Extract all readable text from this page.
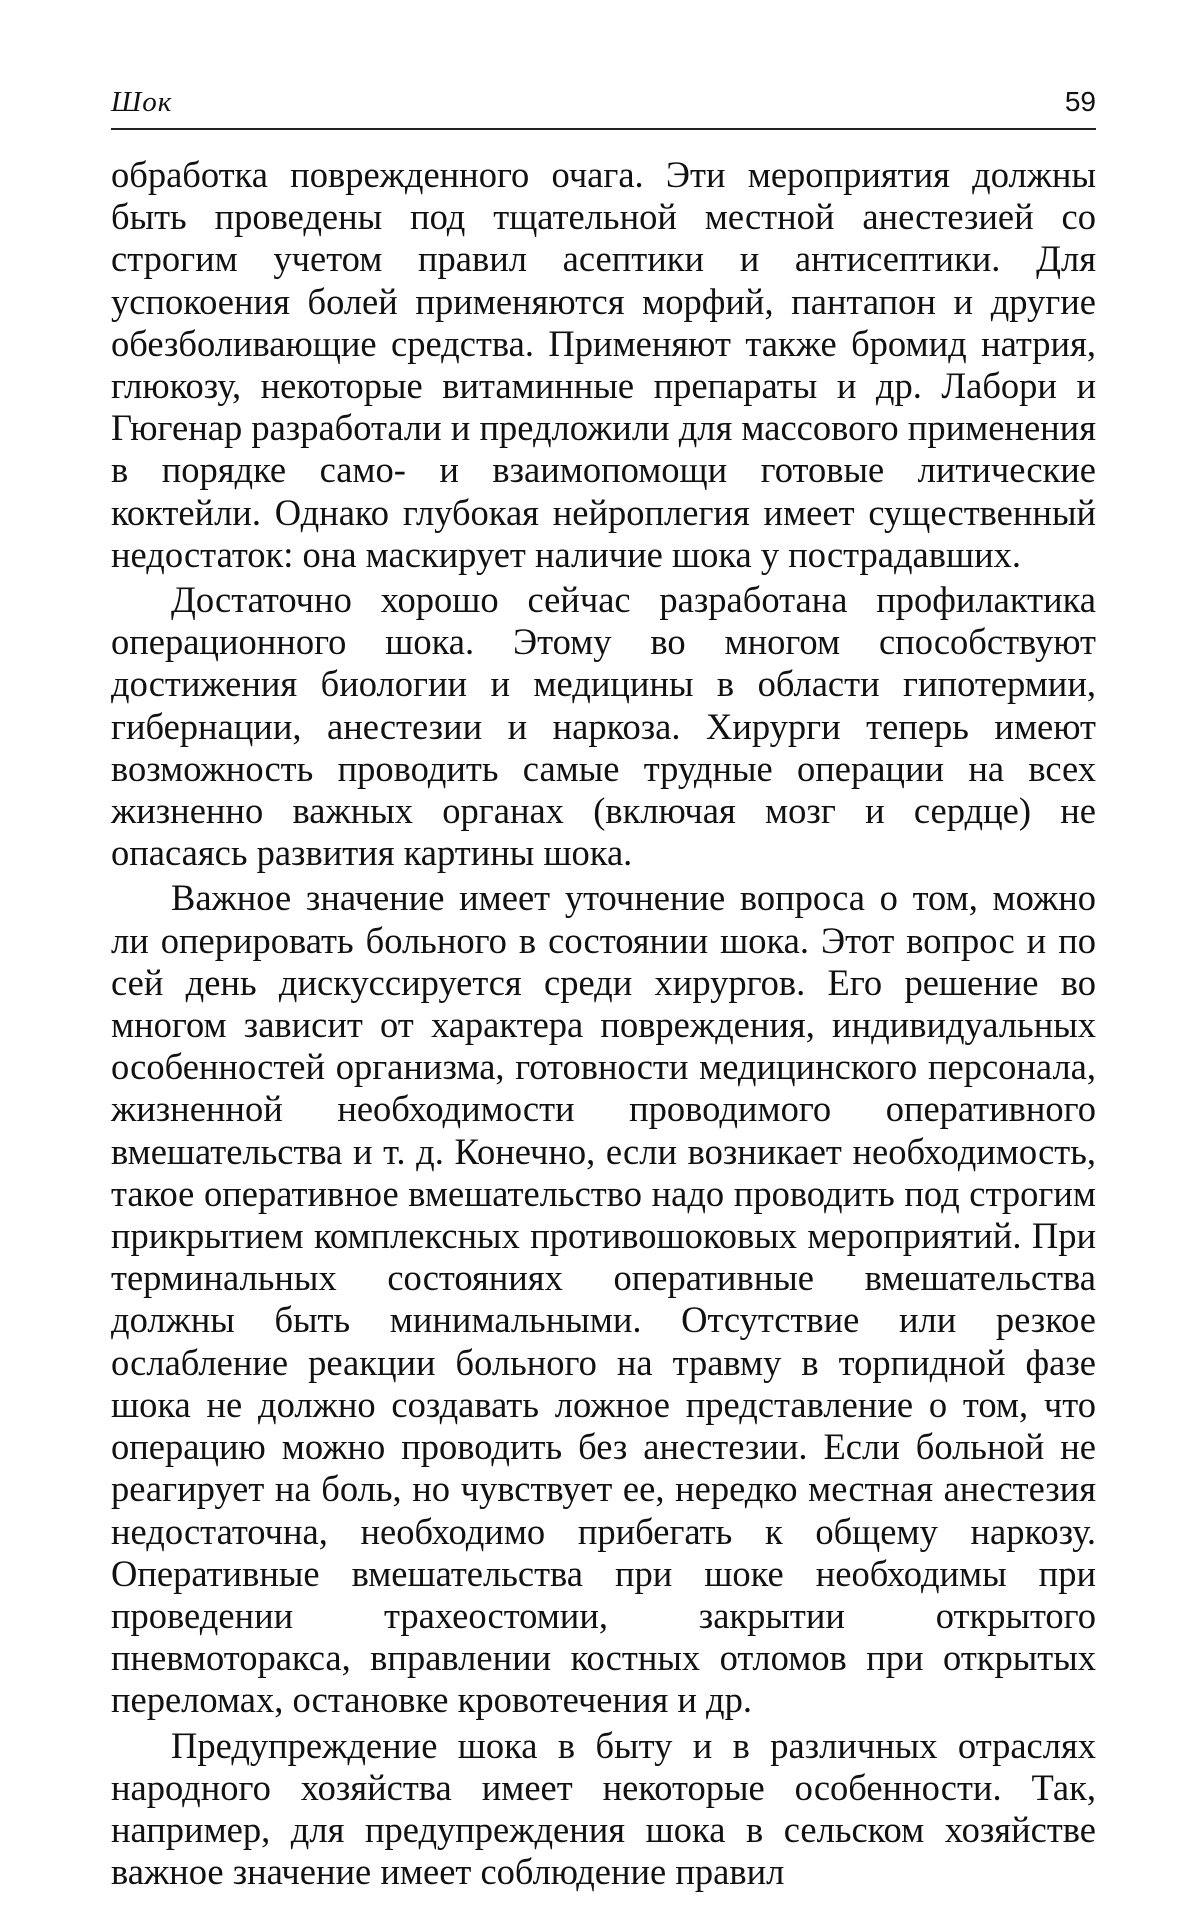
Шок	59

обработка поврежденного очага. Эти мероприятия должны быть проведены под тщательной местной анестезией со строгим учетом правил асептики и антисептики. Для успокоения болей применяются морфий, пантапон и другие обезболивающие средства. Применяют также бромид натрия, глюкозу, некоторые витаминные препараты и др. Лабори и Гюгенар разработали и предложили для массового применения в порядке само- и взаимопомощи готовые литические коктейли. Однако глубокая нейроплегия имеет существенный недостаток: она маскирует наличие шока у пострадавших.

Достаточно хорошо сейчас разработана профилактика операционного шока. Этому во многом способствуют достижения биологии и медицины в области гипотермии, гибернации, анестезии и наркоза. Хирурги теперь имеют возможность проводить самые трудные операции на всех жизненно важных органах (включая мозг и сердце) не опасаясь развития картины шока.

Важное значение имеет уточнение вопроса о том, можно ли оперировать больного в состоянии шока. Этот вопрос и по сей день дискуссируется среди хирургов. Его решение во многом зависит от характера повреждения, индивидуальных особенностей организма, готовности медицинского персонала, жизненной необходимости проводимого оперативного вмешательства и т. д. Конечно, если возникает необходимость, такое оперативное вмешательство надо проводить под строгим прикрытием комплексных противошоковых мероприятий. При терминальных состояниях оперативные вмешательства должны быть минимальными. Отсутствие или резкое ослабление реакции больного на травму в торпидной фазе шока не должно создавать ложное представление о том, что операцию можно проводить без анестезии. Если больной не реагирует на боль, но чувствует ее, нередко местная анестезия недостаточна, необходимо прибегать к общему наркозу. Оперативные вмешательства при шоке необходимы при проведении трахеостомии, закрытии открытого пневмоторакса, вправлении костных отломов при открытых переломах, остановке кровотечения и др.

Предупреждение шока в быту и в различных отраслях народного хозяйства имеет некоторые особенности. Так, например, для предупреждения шока в сельском хозяйстве важное значение имеет соблюдение правил
